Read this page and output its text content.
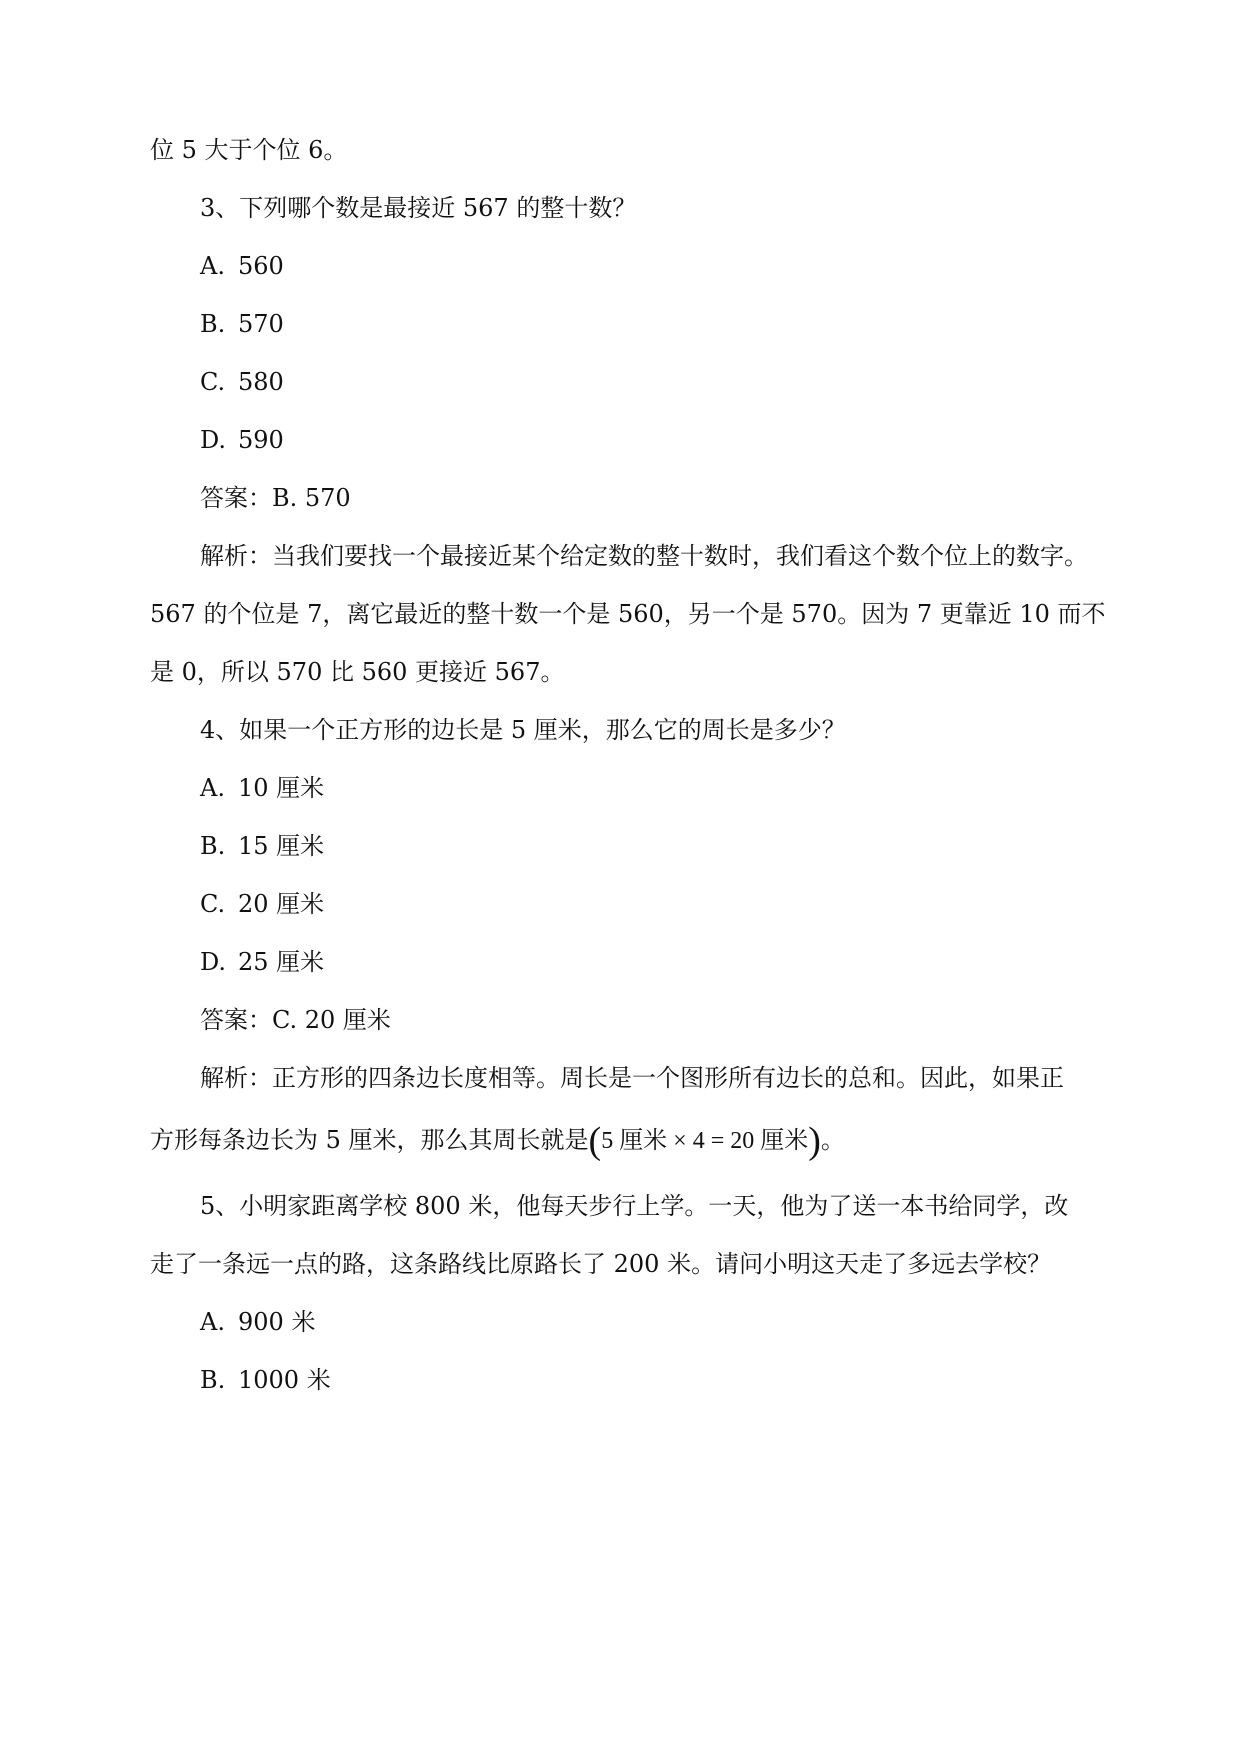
位 5 大于个位 6。
3、下列哪个数是最接近 567 的整十数？
A. 560
B. 570
C. 580
D. 590
答案：B. 570
解析：当我们要找一个最接近某个给定数的整十数时，我们看这个数个位上的数字。
567 的个位是 7，离它最近的整十数一个是 560，另一个是 570。因为 7 更靠近 10 而不
是 0，所以 570 比 560 更接近 567。
4、如果一个正方形的边长是 5 厘米，那么它的周长是多少？
A. 10 厘米
B. 15 厘米
C. 20 厘米
D. 25 厘米
答案：C. 20 厘米
解析：正方形的四条边长度相等。周长是一个图形所有边长的总和。因此，如果正
方形每条边长为 5 厘米，那么其周长就是(5 厘米 × 4 = 20 厘米)。
5、小明家距离学校 800 米，他每天步行上学。一天，他为了送一本书给同学，改
走了一条远一点的路，这条路线比原路长了 200 米。请问小明这天走了多远去学校？
A. 900 米
B. 1000 米
